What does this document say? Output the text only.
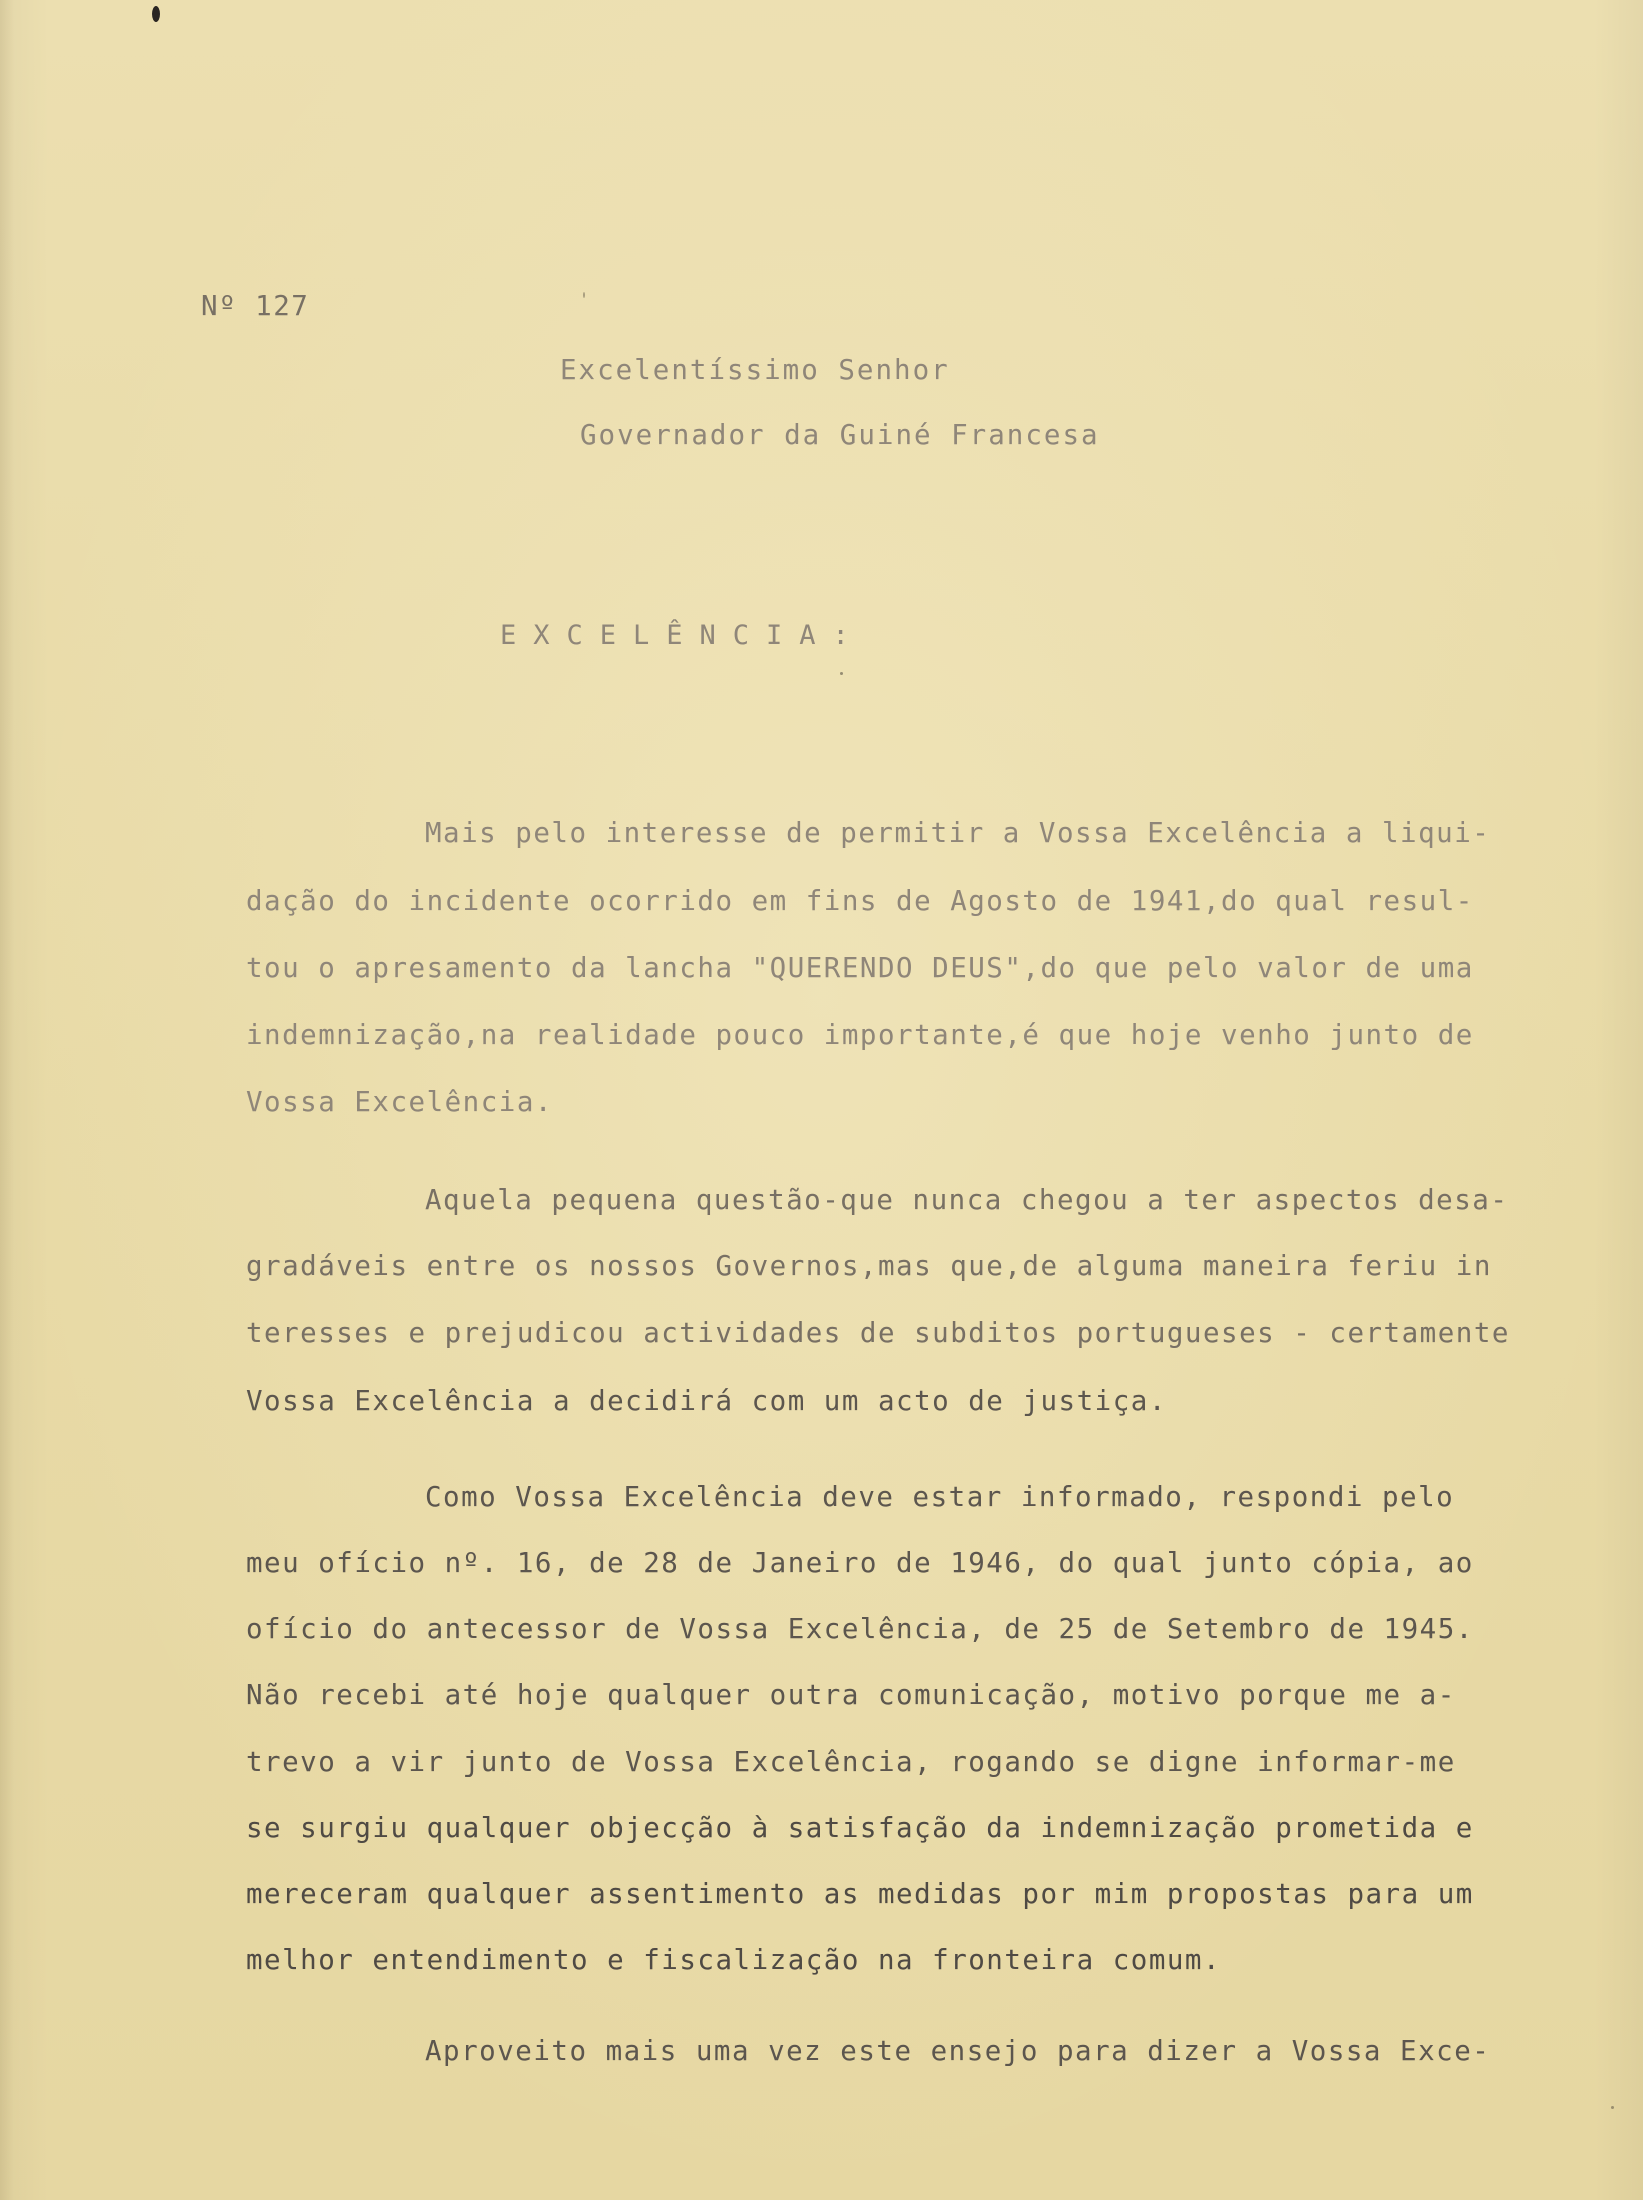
Nº 127
Excelentíssimo Senhor
Governador da Guiné Francesa
EXCELÊNCIA:
Mais pelo interesse de permitir a Vossa Excelência a liqui-
dação do incidente ocorrido em fins de Agosto de 1941,do qual resul-
tou o apresamento da lancha "QUERENDO DEUS",do que pelo valor de uma
indemnização,na realidade pouco importante,é que hoje venho junto de
Vossa Excelência.
Aquela pequena questão-que nunca chegou a ter aspectos desa-
gradáveis entre os nossos Governos,mas que,de alguma maneira feriu in
teresses e prejudicou actividades de subditos portugueses - certamente
Vossa Excelência a decidirá com um acto de justiça.
Como Vossa Excelência deve estar informado, respondi pelo
meu ofício nº. 16, de 28 de Janeiro de 1946, do qual junto cópia, ao
ofício do antecessor de Vossa Excelência, de 25 de Setembro de 1945.
Não recebi até hoje qualquer outra comunicação, motivo porque me a-
trevo a vir junto de Vossa Excelência, rogando se digne informar-me
se surgiu qualquer objecção à satisfação da indemnização prometida e
mereceram qualquer assentimento as medidas por mim propostas para um
melhor entendimento e fiscalização na fronteira comum.
Aproveito mais uma vez este ensejo para dizer a Vossa Exce-
